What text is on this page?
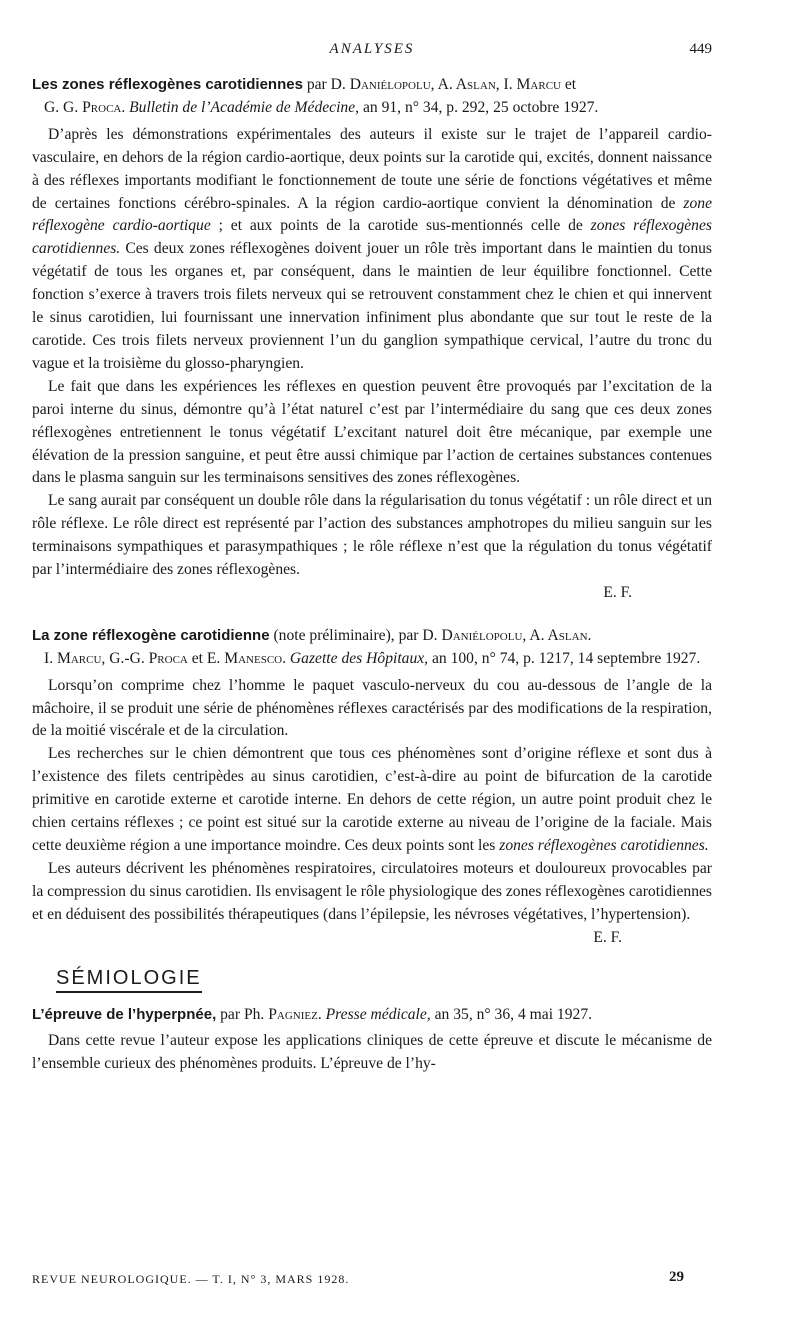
ANALYSES	449

Les zones réflexogènes carotidiennes par D. Daniélopolu, A. Aslan, I. Marcu et
G. G. Proca. Bulletin de l’Académie de Médecine, an 91, n° 34, p. 292, 25 octobre 1927.

D’après les démonstrations expérimentales des auteurs il existe sur le trajet de l’appareil cardio-vasculaire, en dehors de la région cardio-aortique, deux points sur la carotide qui, excités, donnent naissance à des réflexes importants modifiant le fonctionnement de toute une série de fonctions végétatives et même de certaines fonctions cérébro-spinales. A la région cardio-aortique convient la dénomination de zone réflexogène cardio-aortique ; et aux points de la carotide sus-mentionnés celle de zones réflexogènes carotidiennes. Ces deux zones réflexogènes doivent jouer un rôle très important dans le maintien du tonus végétatif de tous les organes et, par conséquent, dans le maintien de leur équilibre fonctionnel. Cette fonction s’exerce à travers trois filets nerveux qui se retrouvent constamment chez le chien et qui innervent le sinus carotidien, lui fournissant une innervation infiniment plus abondante que sur tout le reste de la carotide. Ces trois filets nerveux proviennent l’un du ganglion sympathique cervical, l’autre du tronc du vague et la troisième du glosso-pharyngien.

Le fait que dans les expériences les réflexes en question peuvent être provoqués par l’excitation de la paroi interne du sinus, démontre qu’à l’état naturel c’est par l’intermédiaire du sang que ces deux zones réflexogènes entretiennent le tonus végétatif L’excitant naturel doit être mécanique, par exemple une élévation de la pression sanguine, et peut être aussi chimique par l’action de certaines substances contenues dans le plasma sanguin sur les terminaisons sensitives des zones réflexogènes.

Le sang aurait par conséquent un double rôle dans la régularisation du tonus végétatif : un rôle direct et un rôle réflexe. Le rôle direct est représenté par l’action des substances amphotropes du milieu sanguin sur les terminaisons sympathiques et parasympathiques ; le rôle réflexe n’est que la régulation du tonus végétatif par l’intermédiaire des zones réflexogènes.

E. F.

La zone réflexogène carotidienne (note préliminaire), par D. Daniélopolu, A. Aslan.
I. Marcu, G.-G. Proca et E. Manesco. Gazette des Hôpitaux, an 100, n° 74, p. 1217, 14 septembre 1927.

Lorsqu’on comprime chez l’homme le paquet vasculo-nerveux du cou au-dessous de l’angle de la mâchoire, il se produit une série de phénomènes réflexes caractérisés par des modifications de la respiration, de la moitié viscérale et de la circulation.

Les recherches sur le chien démontrent que tous ces phénomènes sont d’origine réflexe et sont dus à l’existence des filets centripèdes au sinus carotidien, c’est-à-dire au point de bifurcation de la carotide primitive en carotide externe et carotide interne. En dehors de cette région, un autre point produit chez le chien certains réflexes ; ce point est situé sur la carotide externe au niveau de l’origine de la faciale. Mais cette deuxième région a une importance moindre. Ces deux points sont les zones réflexogènes carotidiennes.

Les auteurs décrivent les phénomènes respiratoires, circulatoires moteurs et douloureux provocables par la compression du sinus carotidien. Ils envisagent le rôle physiologique des zones réflexogènes carotidiennes et en déduisent des possibilités thérapeutiques (dans l’épilepsie, les névroses végétatives, l’hypertension).

E. F.

SÉMIOLOGIE

L’épreuve de l’hyperpnée, par Ph. Pagniez. Presse médicale, an 35, n° 36, 4 mai 1927.

Dans cette revue l’auteur expose les applications cliniques de cette épreuve et discute le mécanisme de l’ensemble curieux des phénomènes produits. L’épreuve de l’hy-

REVUE NEUROLOGIQUE. — T. I, N° 3, MARS 1928.	29
